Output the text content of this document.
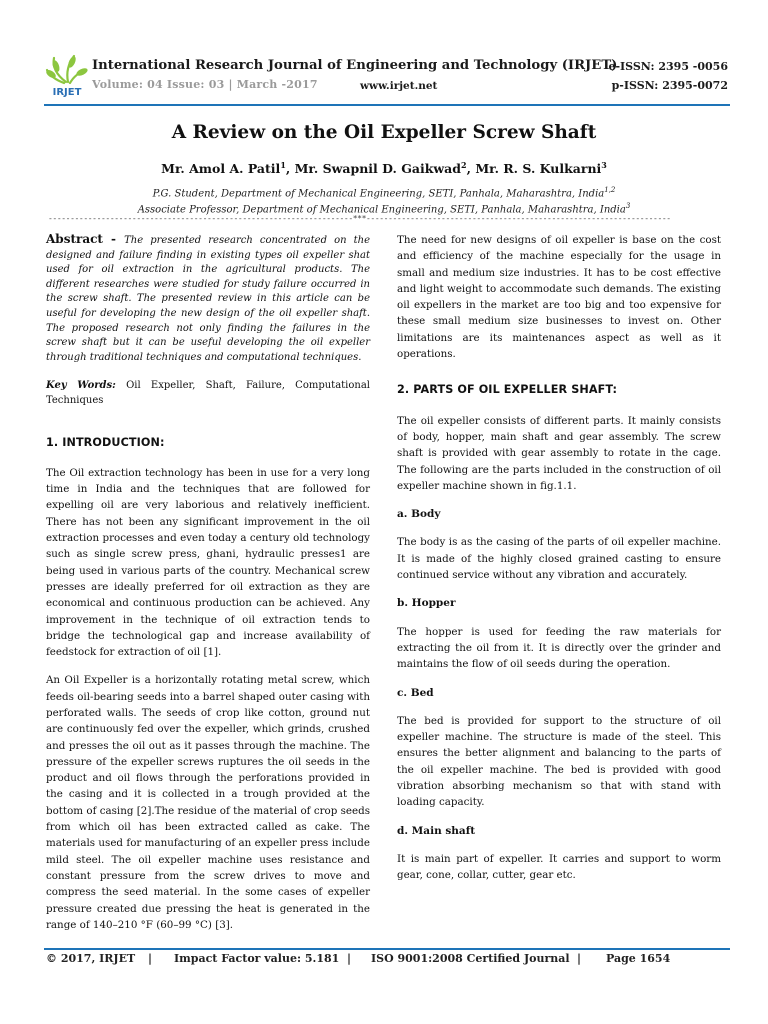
IRJET
International Research Journal of Engineering and Technology (IRJET)
Volume: 04 Issue: 03 | March -2017	www.irjet.net
e-ISSN: 2395 -0056
p-ISSN: 2395-0072
A Review on the Oil Expeller Screw Shaft
Mr. Amol A. Patil$^1$, Mr. Swapnil D. Gaikwad$^2$, Mr. R. S. Kulkarni$^3$
P.G. Student, Department of Mechanical Engineering, SETI, Panhala, Maharashtra, India$^{1,2}$
Associate Professor, Department of Mechanical Engineering, SETI, Panhala, Maharashtra, India$^3$
---------------------------------------------------------------------***---------------------------------------------------------------------
Abstract - The presented research concentrated on the designed and failure finding in existing types oil expeller shat used for oil extraction in the agricultural products. The different researches were studied for study failure occurred in the screw shaft. The presented review in this article can be useful for developing the new design of the oil expeller shaft. The proposed research not only finding the failures in the screw shaft but it can be useful developing the oil expeller through traditional techniques and computational techniques.
Key Words: Oil Expeller, Shaft, Failure, Computational Techniques
1. INTRODUCTION:

The Oil extraction technology has been in use for a very long time in India and the techniques that are followed for expelling oil are very laborious and relatively inefficient. There has not been any significant improvement in the oil extraction processes and even today a century old technology such as single screw press, ghani, hydraulic presses1 are being used in various parts of the country. Mechanical screw presses are ideally preferred for oil extraction as they are economical and continuous production can be achieved. Any improvement in the technique of oil extraction tends to bridge the technological gap and increase availability of feedstock for extraction of oil [1].

An Oil Expeller is a horizontally rotating metal screw, which feeds oil-bearing seeds into a barrel shaped outer casing with perforated walls. The seeds of crop like cotton, ground nut are continuously fed over the expeller, which grinds, crushed and presses the oil out as it passes through the machine. The pressure of the expeller screws ruptures the oil seeds in the product and oil flows through the perforations provided in the casing and it is collected in a trough provided at the bottom of casing [2].The residue of the material of crop seeds from which oil has been extracted called as cake. The materials used for manufacturing of an expeller press include mild steel. The oil expeller machine uses resistance and constant pressure from the screw drives to move and compress the seed material. In the some cases of expeller pressure created due pressing the heat is generated in the range of 140–210 °F (60–99 °C) [3].

The need for new designs of oil expeller is base on the cost and efficiency of the machine especially for the usage in small and medium size industries. It has to be cost effective and light weight to accommodate such demands. The existing oil expellers in the market are too big and too expensive for these small medium size businesses to invest on. Other limitations are its maintenances aspect as well as it operations.

2. PARTS OF OIL EXPELLER SHAFT:

The oil expeller consists of different parts. It mainly consists of body, hopper, main shaft and gear assembly. The screw shaft is provided with gear assembly to rotate in the cage. The following are the parts included in the construction of oil expeller machine shown in fig.1.1.

a. Body

The body is as the casing of the parts of oil expeller machine. It is made of the highly closed grained casting to ensure continued service without any vibration and accurately.

b. Hopper

The hopper is used for feeding the raw materials for extracting the oil from it. It is directly over the grinder and maintains the flow of oil seeds during the operation.

c. Bed

The bed is provided for support to the structure of oil expeller machine. The structure is made of the steel. This ensures the better alignment and balancing to the parts of the oil expeller machine. The bed is provided with good vibration absorbing mechanism so that with stand with loading capacity.

d. Main shaft

It is main part of expeller. It carries and support to worm gear, cone, collar, cutter, gear etc.

© 2017, IRJET | Impact Factor value: 5.181 | ISO 9001:2008 Certified Journal | Page 1654
